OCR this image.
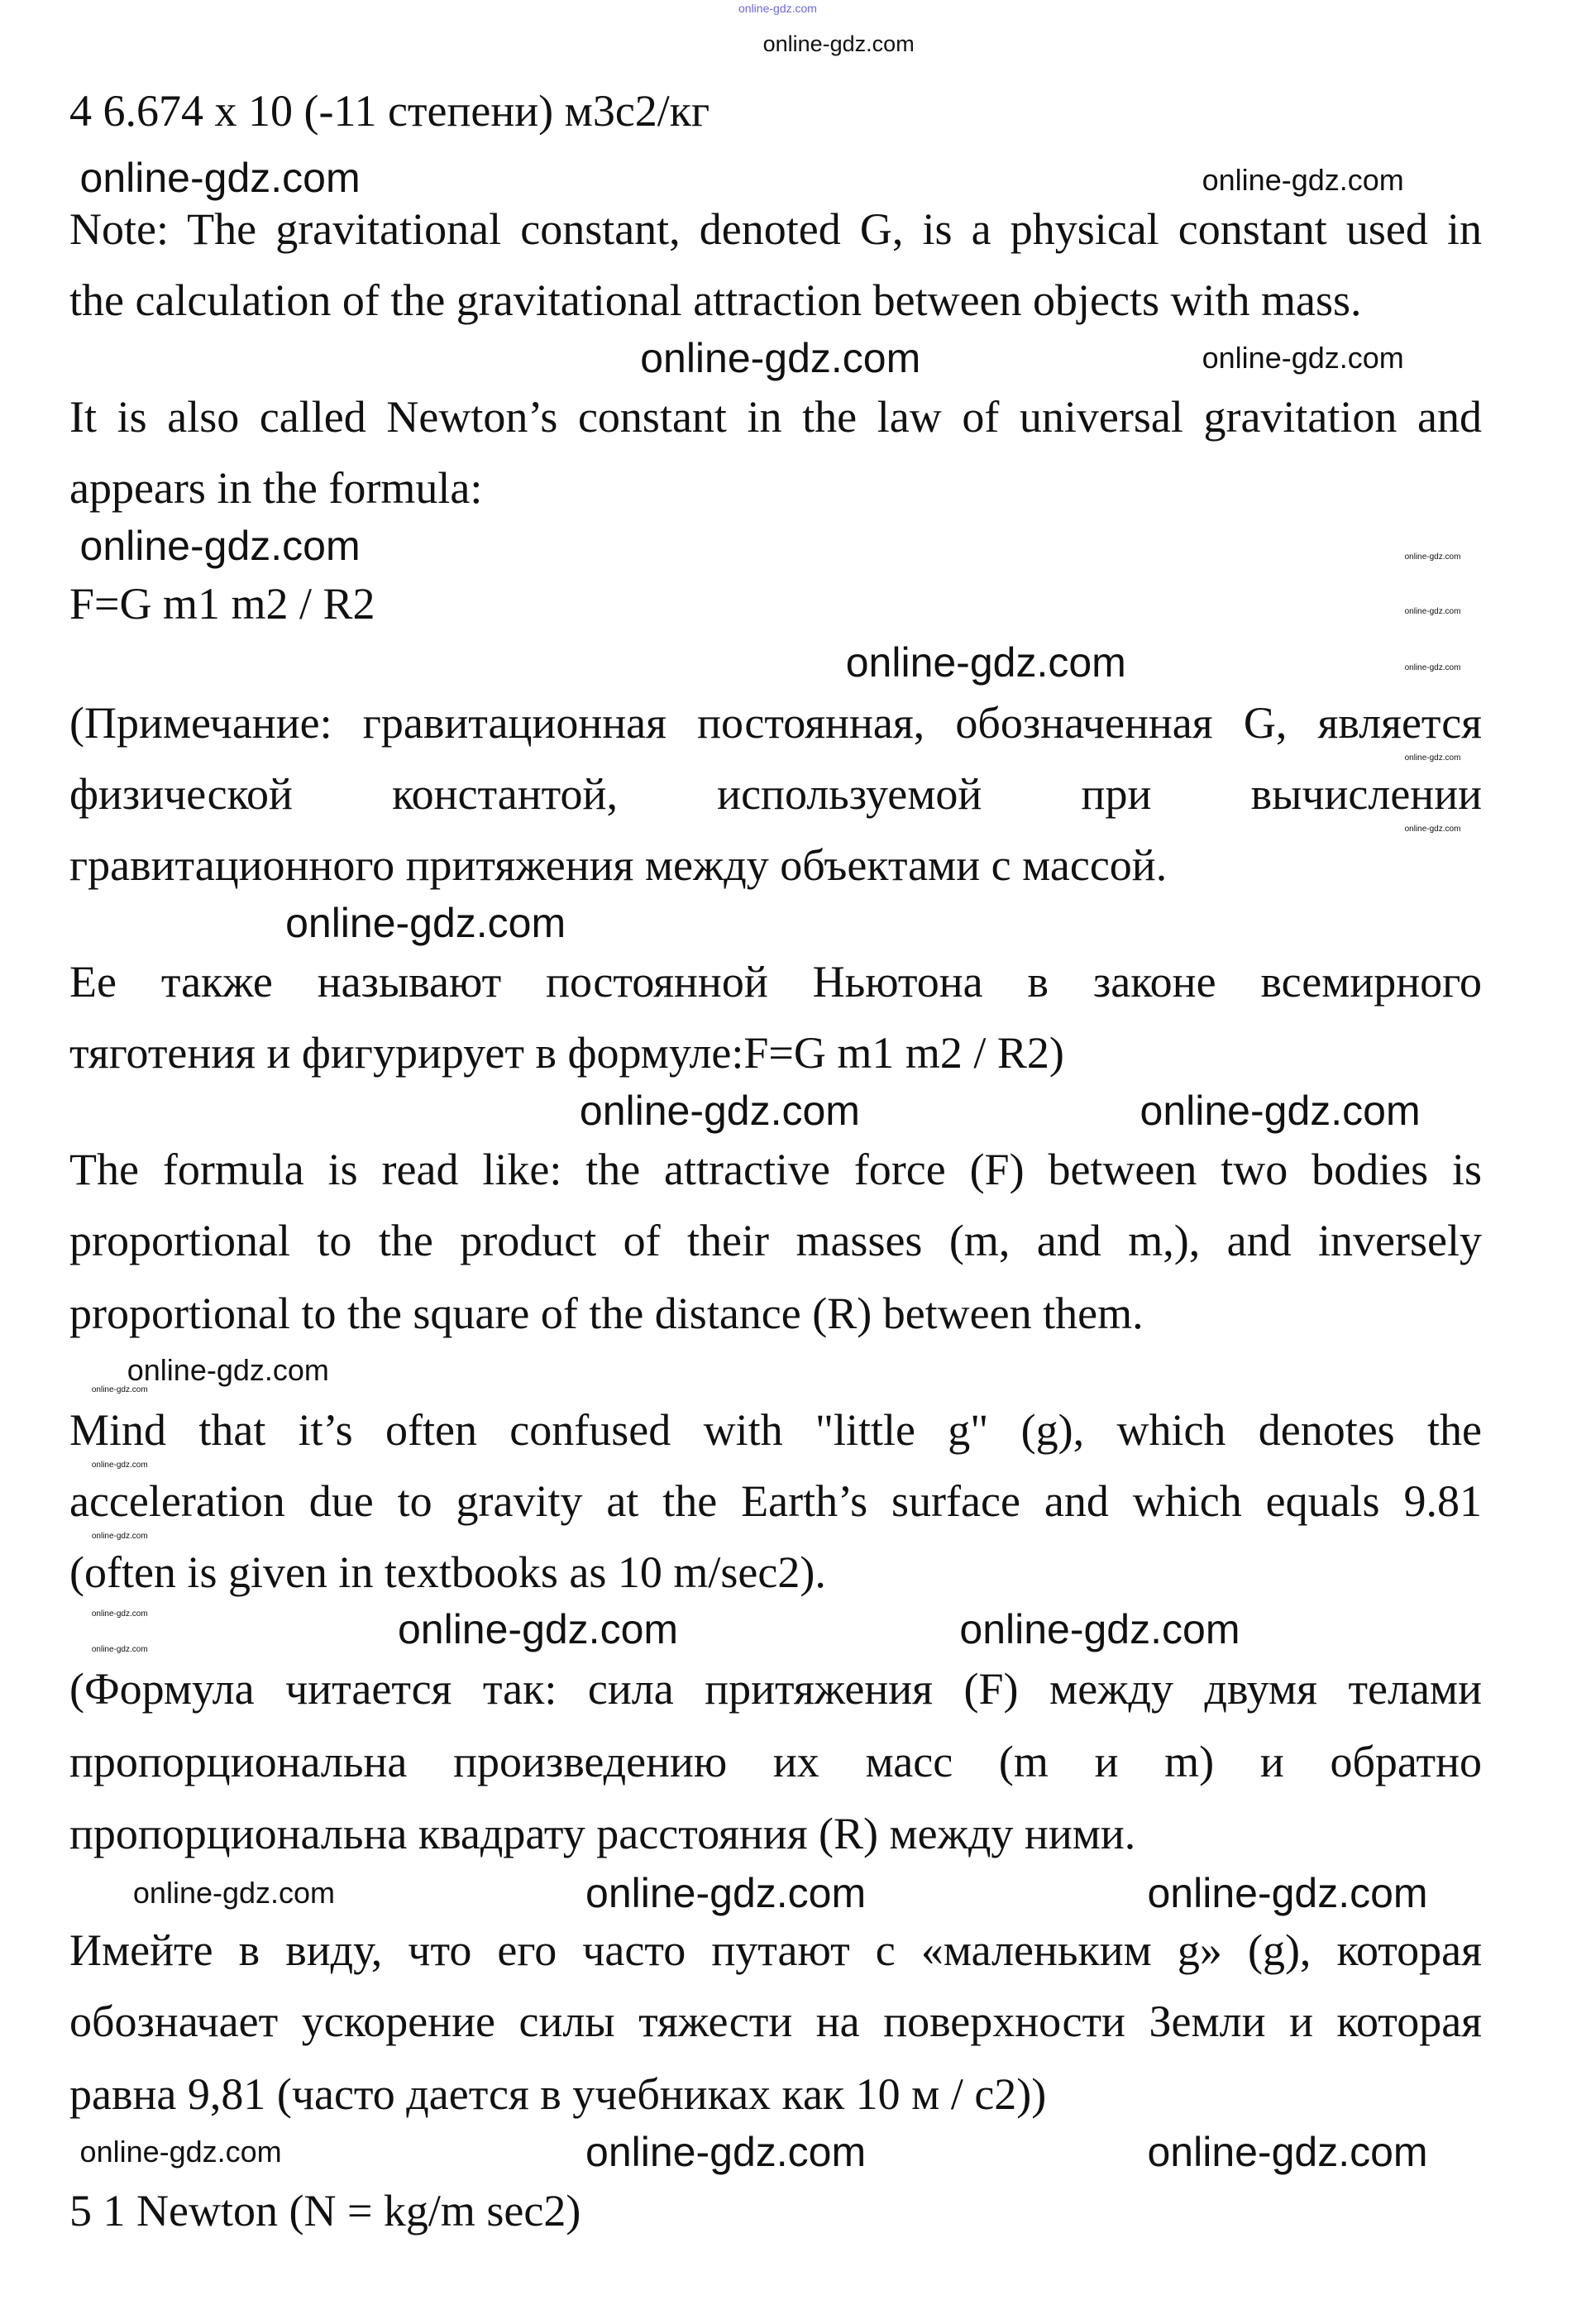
online-gdz.com
4 6.674 x 10 (-11 степени) м3с2/кг
Note: The gravitational constant, denoted G, is a physical constant used in
the calculation of the gravitational attraction between objects with mass.
It is also called Newton’s constant in the law of universal gravitation and
appears in the formula:
F=G m1 m2 / R2
(Примечание: гравитационная постоянная, обозначенная G, является
физической константой, используемой при вычислении
гравитационного притяжения между объектами с массой.
Ее также называют постоянной Ньютона в законе всемирного
тяготения и фигурирует в формуле:F=G m1 m2 / R2)
The formula is read like: the attractive force (F) between two bodies is
proportional to the product of their masses (m, and m,), and inversely
proportional to the square of the distance (R) between them.
Mind that it’s often confused with "little g" (g), which denotes the
acceleration due to gravity at the Earth’s surface and which equals 9.81
(often is given in textbooks as 10 m/sec2).
(Формула читается так: сила притяжения (F) между двумя телами
пропорциональна произведению их масс (m и m) и обратно
пропорциональна квадрату расстояния (R) между ними.
Имейте в виду, что его часто путают с «маленьким g» (g), которая
обозначает ускорение силы тяжести на поверхности Земли и которая
равна 9,81 (часто дается в учебниках как 10 м / с2))
5 1 Newton (N = kg/m sec2)
online-gdz.com
online-gdz.com	online-gdz.com
online-gdz.com	online-gdz.com
online-gdz.com	online-gdz.com
online-gdz.com
online-gdz.com	online-gdz.com
online-gdz.com
online-gdz.com
online-gdz.com
online-gdz.com
online-gdz.com
online-gdz.com
online-gdz.com
online-gdz.com
online-gdz.com
online-gdz.com
online-gdz.com
online-gdz.com
online-gdz.com
online-gdz.com	online-gdz.com	online-gdz.com
online-gdz.com	online-gdz.com	online-gdz.com
